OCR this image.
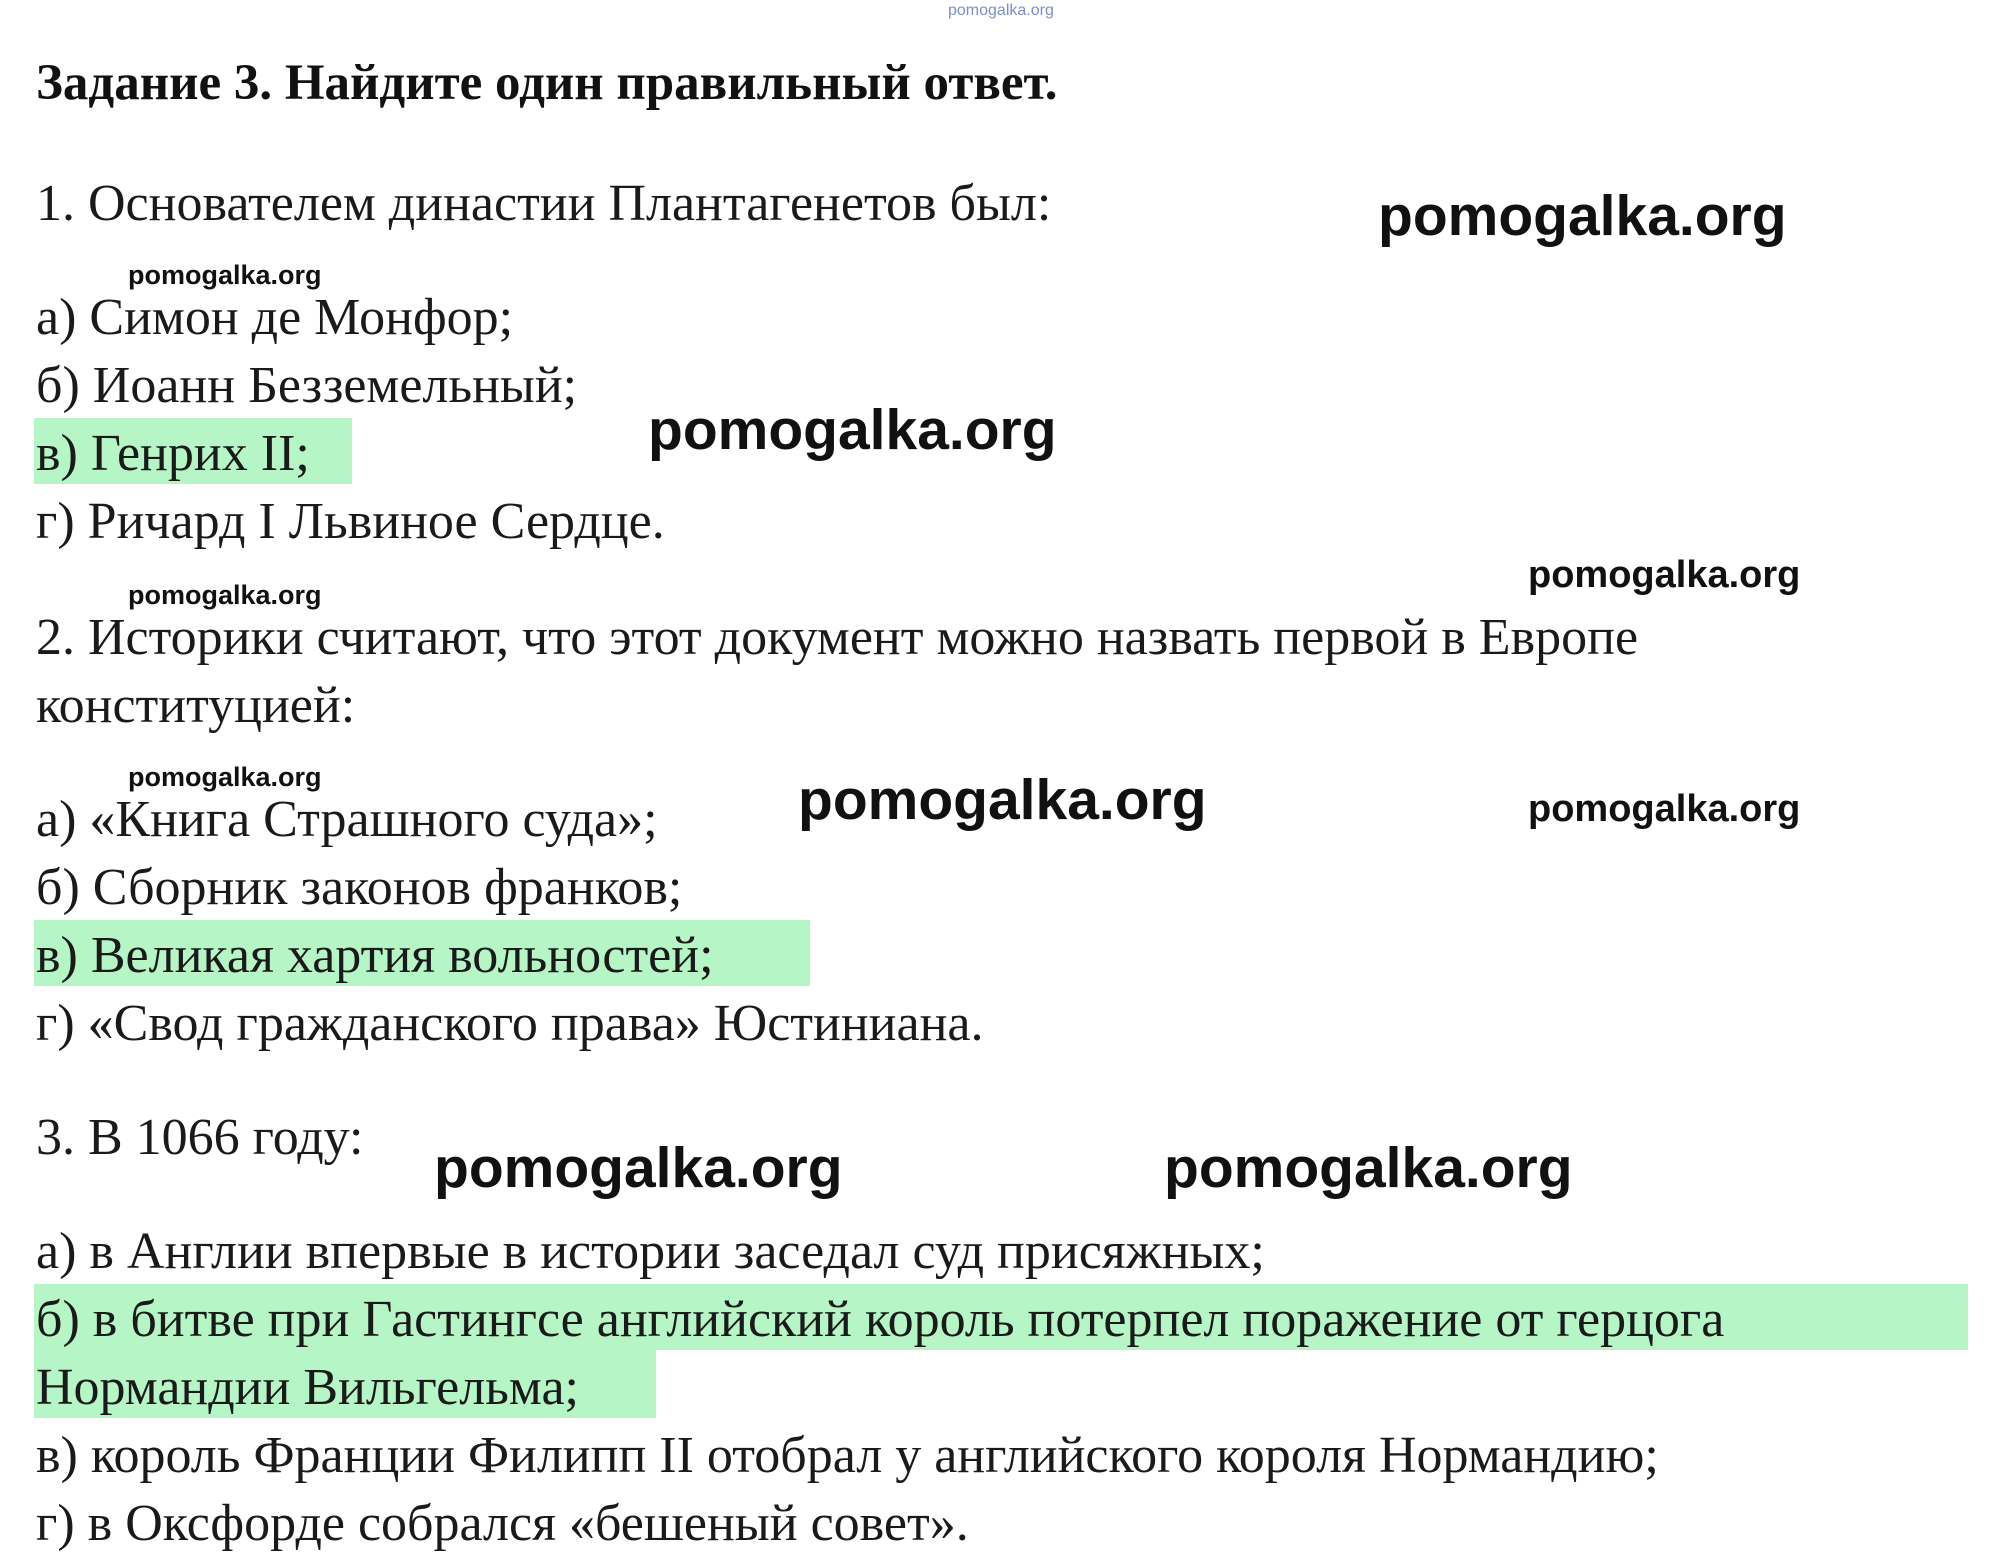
pomogalka.org
Задание 3. Найдите один правильный ответ.
1. Основателем династии Плантагенетов был:
а) Симон де Монфор;
б) Иоанн Безземельный;
в) Генрих II;
г) Ричард I Львиное Сердце.
2. Историки считают, что этот документ можно назвать первой в Европе
конституцией:
а) «Книга Страшного суда»;
б) Сборник законов франков;
в) Великая хартия вольностей;
г) «Свод гражданского права» Юстиниана.
3. В 1066 году:
а) в Англии впервые в истории заседал суд присяжных;
б) в битве при Гастингсе английский король потерпел поражение от герцога
Нормандии Вильгельма;
в) король Франции Филипп II отобрал у английского короля Нормандию;
г) в Оксфорде собрался «бешеный совет».
pomogalka.org
pomogalka.org
pomogalka.org
pomogalka.org
pomogalka.org
pomogalka.org	pomogalka.org	pomogalka.org
pomogalka.org	pomogalka.org
